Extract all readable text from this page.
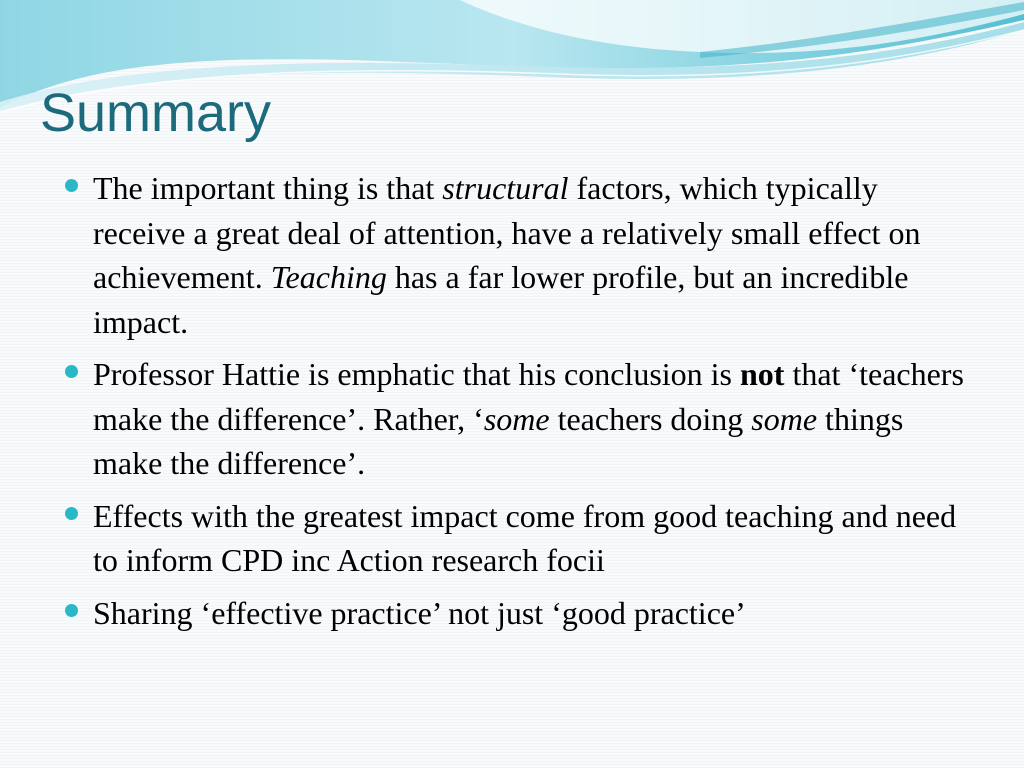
Summary
The important thing is that structural factors, which typically receive a great deal of attention, have a relatively small effect on achievement. Teaching has a far lower profile, but an incredible impact.
Professor Hattie is emphatic that his conclusion is not that ‘teachers make the difference’. Rather, ‘some teachers doing some things make the difference’.
Effects with the greatest impact come from good teaching and need to inform CPD inc Action research focii
Sharing ‘effective practice’ not just ‘good practice’
